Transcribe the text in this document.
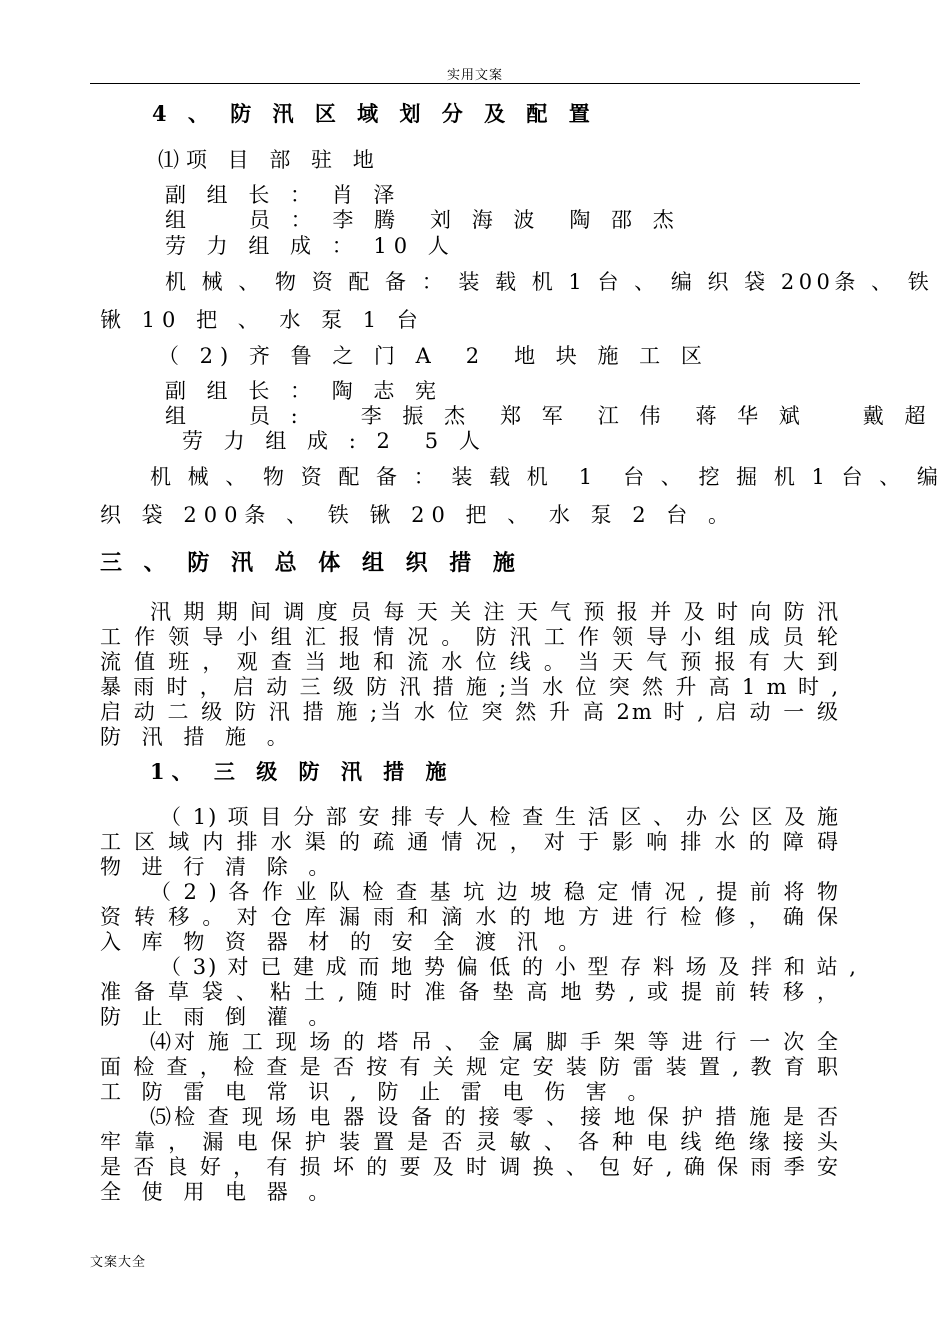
实用文案
4 、 防 汛 区 域 划 分 及 配 置
⑴项 目 部 驻 地
副 组 长 ： 肖 泽
组　　员 ： 李 腾　刘 海 波　陶 邵 杰
劳 力 组 成 ： 10 人
机 械 、 物 资 配 备 ： 装 载 机 1 台 、 编 织 袋 200条 、 铁
锹 10 把 、 水 泵 1 台
（ 2) 齐 鲁 之 门 A　2　地 块 施 工 区
副 组 长 ： 陶 志 宪
组　　员 :　　李 振 杰　郑 军　江 伟　蒋 华 斌　　戴 超
劳 力 组 成 : 2　5 人
机 械 、 物 资 配 备 ： 装 载 机　1　台 、 挖 掘 机 1 台 、 编
织 袋 200条 、 铁 锹 20 把 、 水 泵 2 台 。
三 、 防 汛 总 体 组 织 措 施
汛 期 期 间 调 度 员 每 天 关 注 天 气 预 报 并 及 时 向 防 汛
工 作 领 导 小 组 汇 报 情 况 。 防 汛 工 作 领 导 小 组 成 员 轮
流 值 班 ， 观 查 当 地 和 流 水 位 线 。 当 天 气 预 报 有 大 到
暴 雨 时 ， 启 动 三 级 防 汛 措 施 ;当 水 位 突 然 升 高 1 m 时 ,
启 动 二 级 防 汛 措 施 ;当 水 位 突 然 升 高 2m 时 , 启 动 一 级
防 汛 措 施 。
1、 三 级 防 汛 措 施
（ 1) 项 目 分 部 安 排 专 人 检 查 生 活 区 、 办 公 区 及 施
工 区 域 内 排 水 渠 的 疏 通 情 况 ， 对 于 影 响 排 水 的 障 碍
物 进 行 清 除 。
（ 2 ) 各 作 业 队 检 查 基 坑 边 坡 稳 定 情 况 , 提 前 将 物
资 转 移 。 对 仓 库 漏 雨 和 滴 水 的 地 方 进 行 检 修 ， 确 保
入 库 物 资 器 材 的 安 全 渡 汛 。
（ 3) 对 已 建 成 而 地 势 偏 低 的 小 型 存 料 场 及 拌 和 站 ,
准 备 草 袋 、 粘 土 , 随 时 准 备 垫 高 地 势 , 或 提 前 转 移 ，
防 止 雨 倒 灌 。
⑷对 施 工 现 场 的 塔 吊 、 金 属 脚 手 架 等 进 行 一 次 全
面 检 查 ， 检 查 是 否 按 有 关 规 定 安 装 防 雷 装 置 , 教 育 职
工 防 雷 电 常 识 , 防 止 雷 电 伤 害 。
⑸检 查 现 场 电 器 设 备 的 接 零 、 接 地 保 护 措 施 是 否
牢 靠 ， 漏 电 保 护 装 置 是 否 灵 敏 、 各 种 电 线 绝 缘 接 头
是 否 良 好 ， 有 损 坏 的 要 及 时 调 换 、 包 好 , 确 保 雨 季 安
全 使 用 电 器 。
文案大全
